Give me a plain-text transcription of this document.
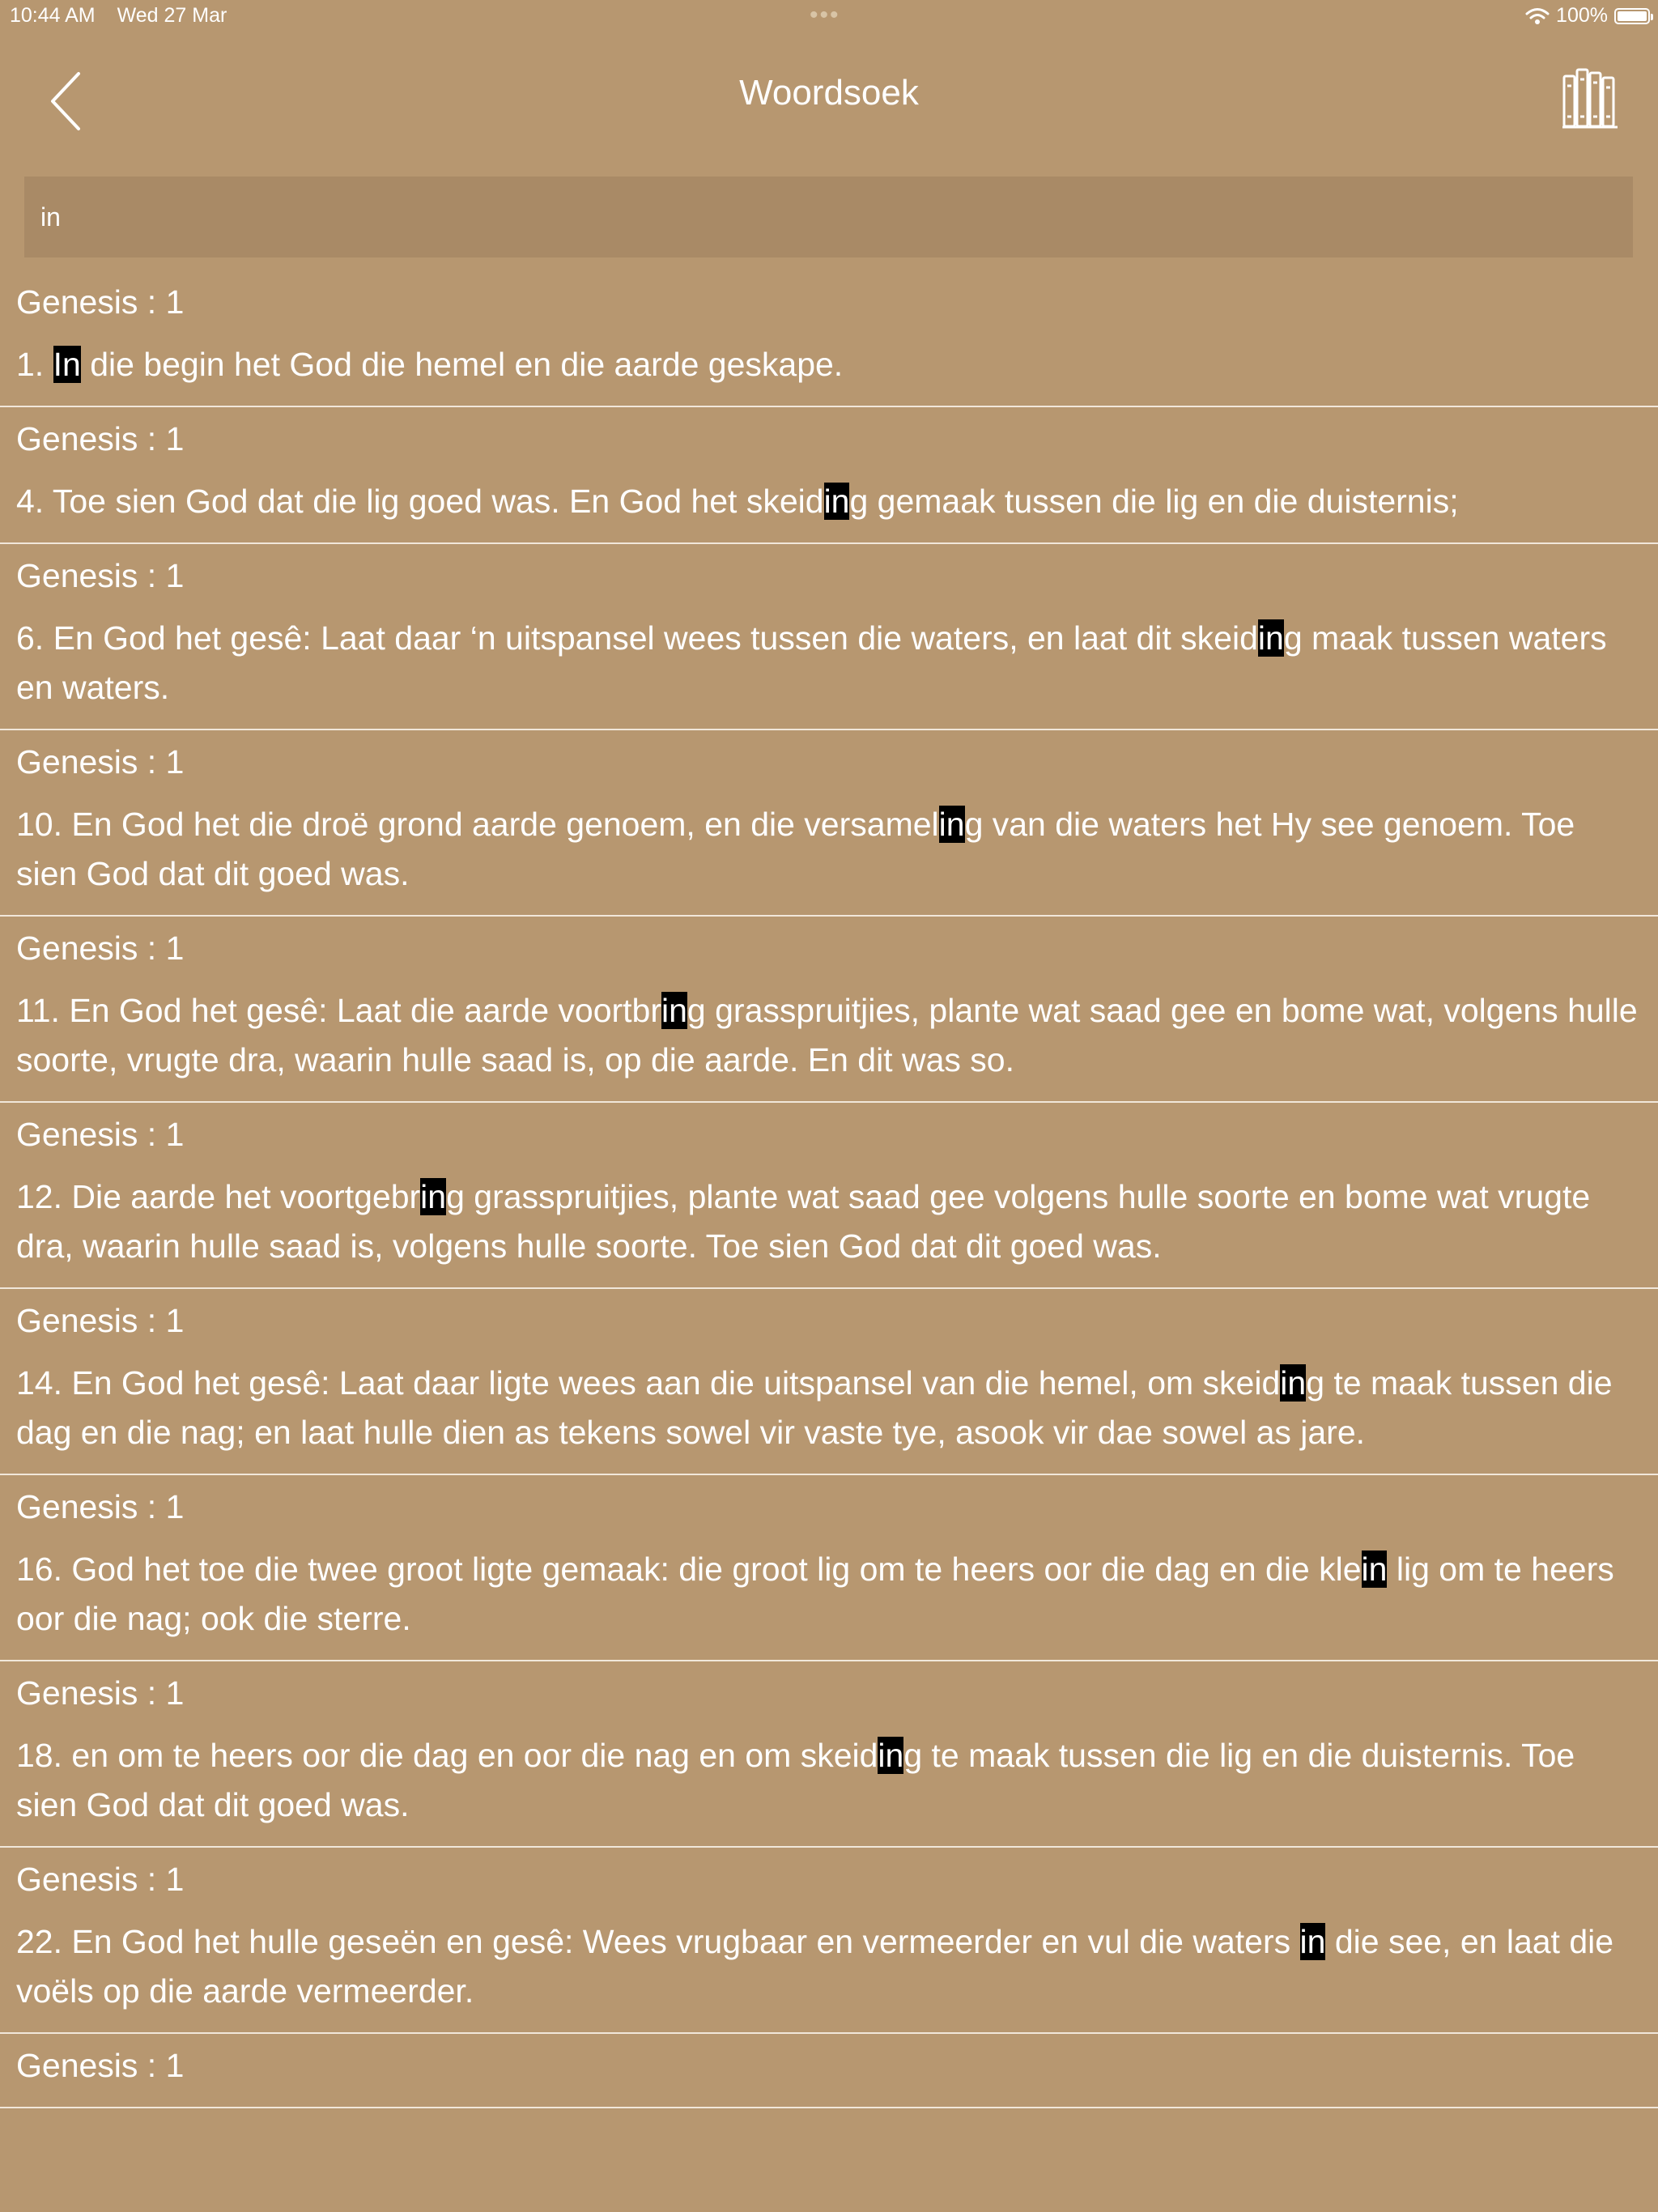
10:44 AM Wed 27 Mar	•••	100%
Woordsoek
in
Genesis : 1
1. In die begin het God die hemel en die aarde geskape.
Genesis : 1
4. Toe sien God dat die lig goed was. En God het skeiding gemaak tussen die lig en die duisternis;
Genesis : 1
6. En God het gesê: Laat daar ‘n uitspansel wees tussen die waters, en laat dit skeiding maak tussen waters en waters.
Genesis : 1
10. En God het die droë grond aarde genoem, en die versameling van die waters het Hy see genoem. Toe sien God dat dit goed was.
Genesis : 1
11. En God het gesê: Laat die aarde voortbring grasspruitjies, plante wat saad gee en bome wat, volgens hulle soorte, vrugte dra, waarin hulle saad is, op die aarde. En dit was so.
Genesis : 1
12. Die aarde het voortgebring grasspruitjies, plante wat saad gee volgens hulle soorte en bome wat vrugte dra, waarin hulle saad is, volgens hulle soorte. Toe sien God dat dit goed was.
Genesis : 1
14. En God het gesê: Laat daar ligte wees aan die uitspansel van die hemel, om skeiding te maak tussen die dag en die nag; en laat hulle dien as tekens sowel vir vaste tye, asook vir dae sowel as jare.
Genesis : 1
16. God het toe die twee groot ligte gemaak: die groot lig om te heers oor die dag en die klein lig om te heers oor die nag; ook die sterre.
Genesis : 1
18. en om te heers oor die dag en oor die nag en om skeiding te maak tussen die lig en die duisternis. Toe sien God dat dit goed was.
Genesis : 1
22. En God het hulle geseën en gesê: Wees vrugbaar en vermeerder en vul die waters in die see, en laat die voëls op die aarde vermeerder.
Genesis : 1
